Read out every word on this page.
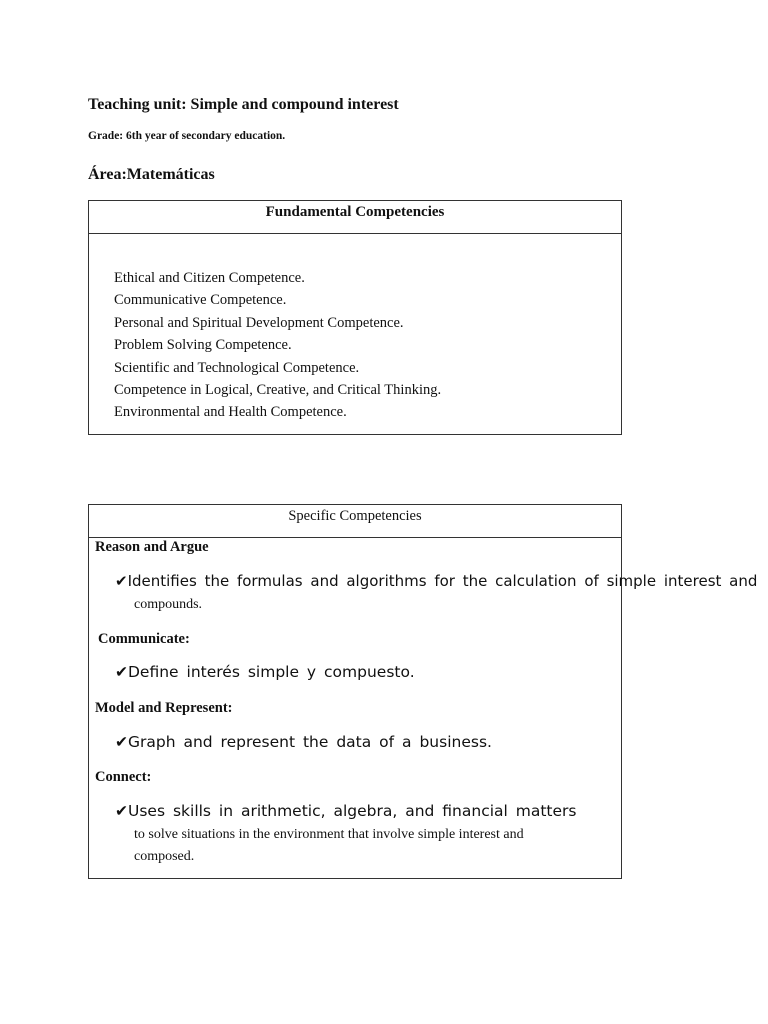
Teaching unit: Simple and compound interest
Grade: 6th year of secondary education.
Área:Matemáticas
Fundamental Competencies
Ethical and Citizen Competence.
Communicative Competence.
Personal and Spiritual Development Competence.
Problem Solving Competence.
Scientific and Technological Competence.
Competence in Logical, Creative, and Critical Thinking.
Environmental and Health Competence.
Specific Competencies
Reason and Argue
✔Identifies the formulas and algorithms for the calculation of simple interest and
compounds.
Communicate:
✔Define interés simple y compuesto.
Model and Represent:
✔Graph and represent the data of a business.
Connect:
✔Uses skills in arithmetic, algebra, and financial matters
to solve situations in the environment that involve simple interest and
composed.
